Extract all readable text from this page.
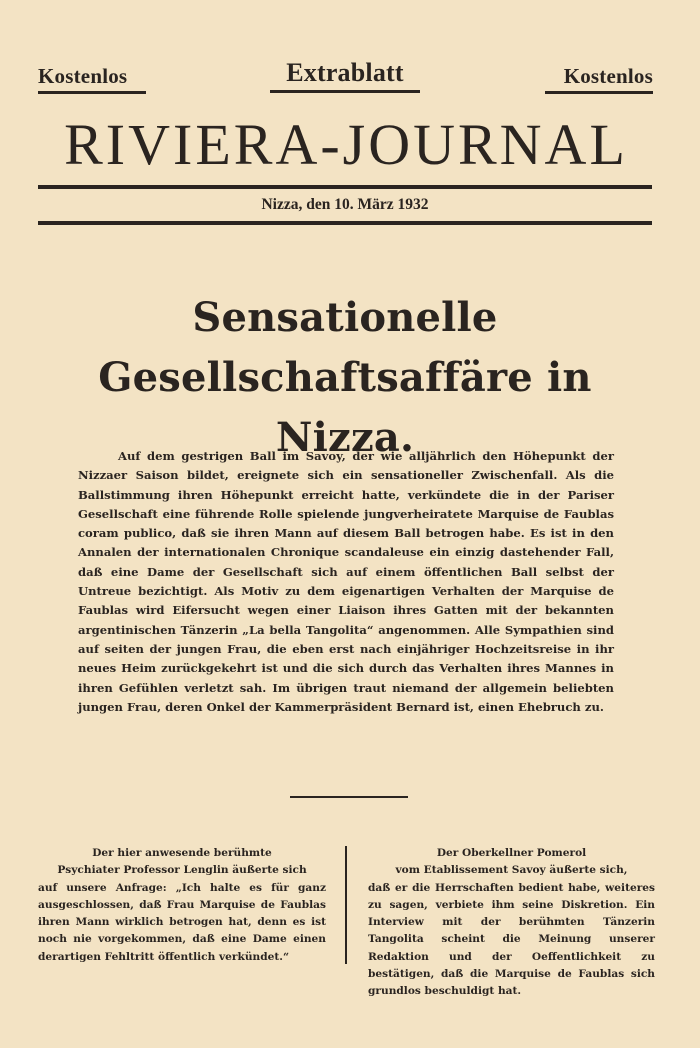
Kostenlos	Extrablatt	Kostenlos
RIVIERA-JOURNAL
Nizza, den 10. März 1932
Sensationelle
Gesellschaftsaffäre in Nizza.

Auf dem gestrigen Ball im Savoy, der wie alljährlich den Höhepunkt der Nizzaer Saison bildet, ereignete sich ein sensationeller Zwischenfall. Als die Ballstimmung ihren Höhepunkt erreicht hatte, verkündete die in der Pariser Gesellschaft eine führende Rolle spielende jungverheiratete Marquise de Faublas coram publico, daß sie ihren Mann auf diesem Ball betrogen habe. Es ist in den Annalen der internationalen Chronique scandaleuse ein einzig dastehender Fall, daß eine Dame der Gesellschaft sich auf einem öffentlichen Ball selbst der Untreue bezichtigt. Als Motiv zu dem eigenartigen Verhalten der Marquise de Faublas wird Eifersucht wegen einer Liaison ihres Gatten mit der bekannten argentinischen Tänzerin „La bella Tangolita“ angenommen. Alle Sympathien sind auf seiten der jungen Frau, die eben erst nach einjähriger Hochzeitsreise in ihr neues Heim zurückgekehrt ist und die sich durch das Verhalten ihres Mannes in ihren Gefühlen verletzt sah. Im übrigen traut niemand der allgemein beliebten jungen Frau, deren Onkel der Kammerpräsident Bernard ist, einen Ehebruch zu.

Der hier anwesende berühmte

Psychiater Professor Lenglin äußerte sich

auf unsere Anfrage: „Ich halte es für ganz ausgeschlossen, daß Frau Marquise de Faublas ihren Mann wirklich betrogen hat, denn es ist noch nie vorgekommen, daß eine Dame einen derartigen Fehltritt öffentlich verkündet.“

Der Oberkellner Pomerol

vom Etablissement Savoy äußerte sich,

daß er die Herrschaften bedient habe, weiteres zu sagen, verbiete ihm seine Diskretion. Ein Interview mit der berühmten Tänzerin Tangolita scheint die Meinung unserer Redaktion und der Oeffentlichkeit zu bestätigen, daß die Marquise de Faublas sich grundlos beschuldigt hat.
